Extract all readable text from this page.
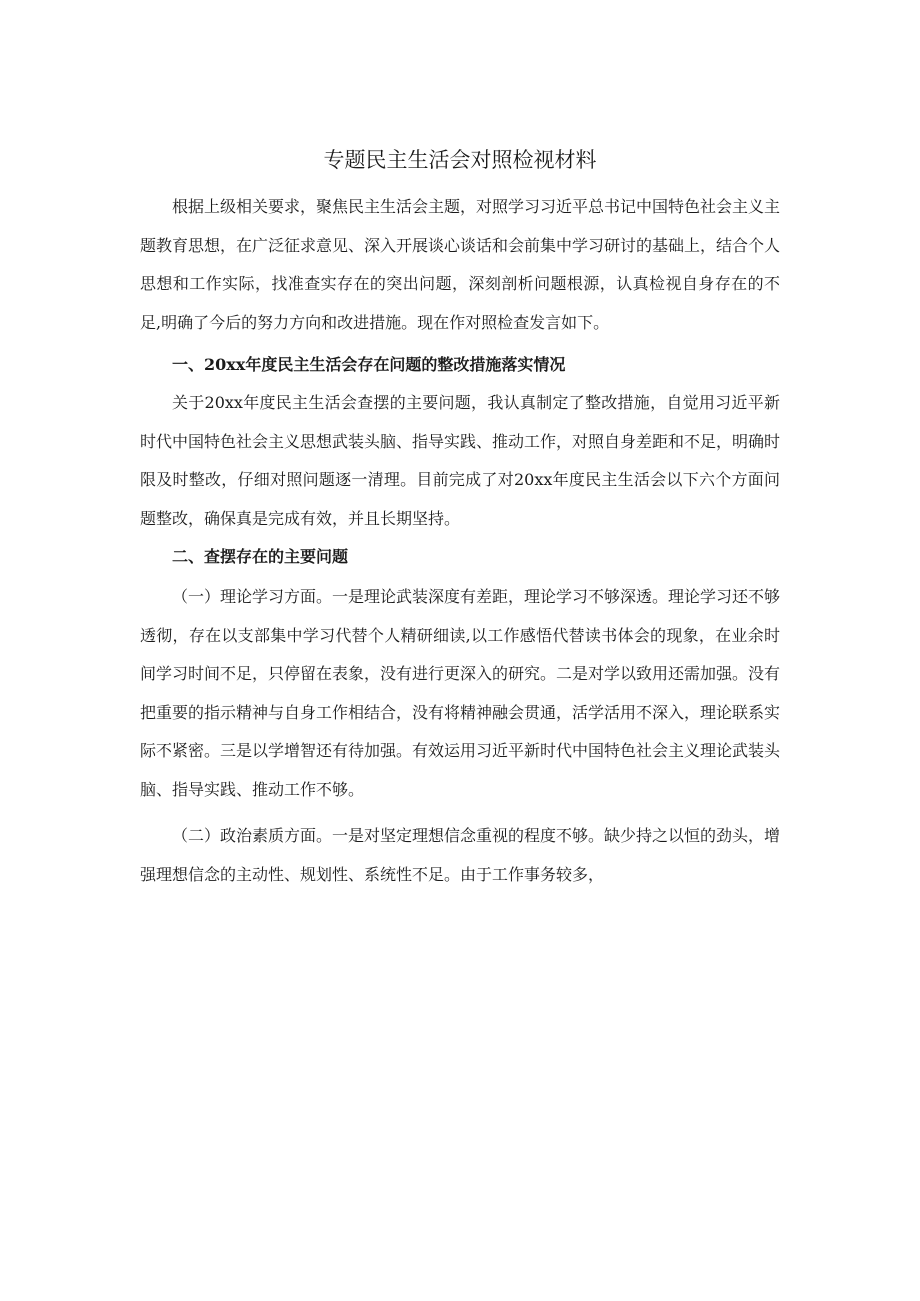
专题民主生活会对照检视材料

根据上级相关要求，聚焦民主生活会主题，对照学习习近平总书记中国特色社会主义主题教育思想，在广泛征求意见、深入开展谈心谈话和会前集中学习研讨的基础上，结合个人思想和工作实际，找准查实存在的突出问题，深刻剖析问题根源，认真检视自身存在的不足,明确了今后的努力方向和改进措施。现在作对照检查发言如下。

一、20xx年度民主生活会存在问题的整改措施落实情况

关于20xx年度民主生活会查摆的主要问题，我认真制定了整改措施，自觉用习近平新时代中国特色社会主义思想武装头脑、指导实践、推动工作，对照自身差距和不足，明确时限及时整改，仔细对照问题逐一清理。目前完成了对20xx年度民主生活会以下六个方面问题整改，确保真是完成有效，并且长期坚持。

二、查摆存在的主要问题

（一）理论学习方面。一是理论武装深度有差距，理论学习不够深透。理论学习还不够透彻，存在以支部集中学习代替个人精研细读,以工作感悟代替读书体会的现象，在业余时间学习时间不足，只停留在表象，没有进行更深入的研究。二是对学以致用还需加强。没有把重要的指示精神与自身工作相结合，没有将精神融会贯通，活学活用不深入，理论联系实际不紧密。三是以学增智还有待加强。有效运用习近平新时代中国特色社会主义理论武装头脑、指导实践、推动工作不够。

（二）政治素质方面。一是对坚定理想信念重视的程度不够。缺少持之以恒的劲头，增强理想信念的主动性、规划性、系统性不足。由于工作事务较多，
